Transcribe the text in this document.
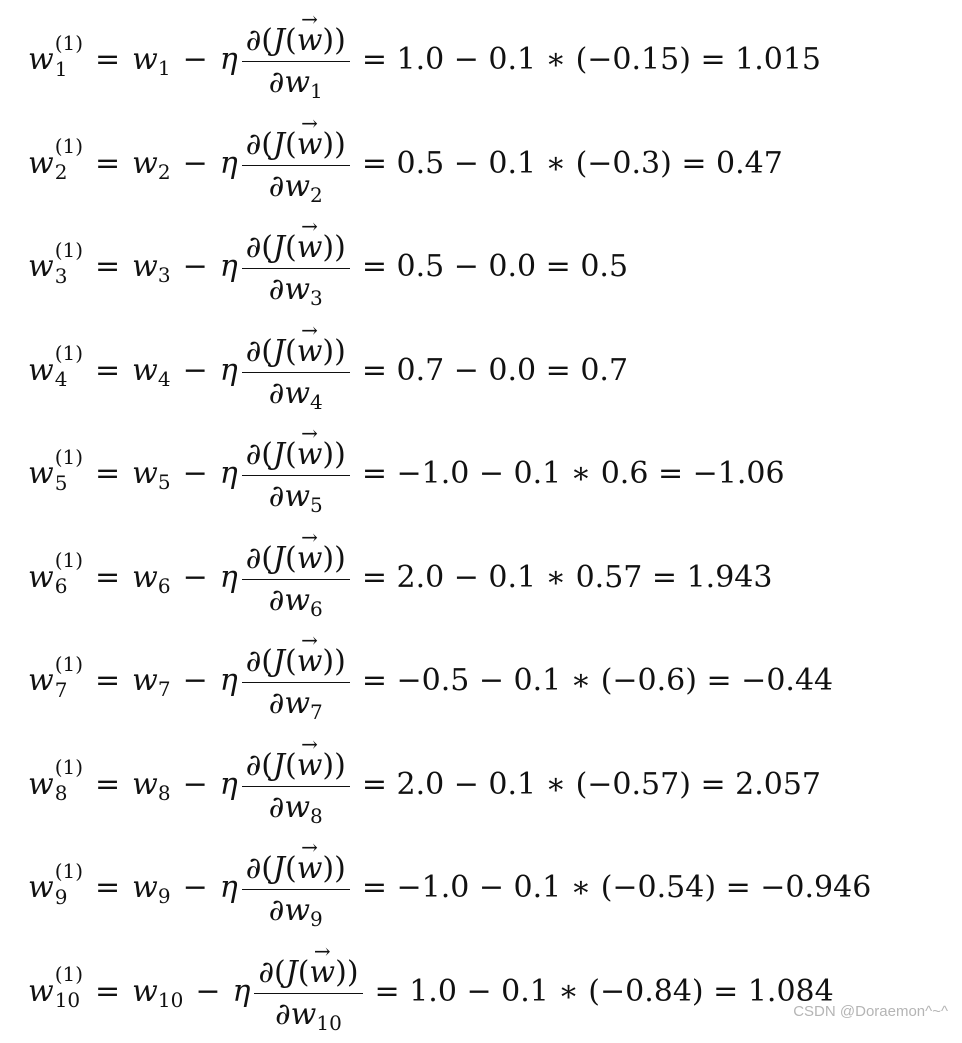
w (1)
1 = w 1 − η $\frac{\partial(J(\to w))}{\partial w 1} = 1.0 - 0.1$ ∗ (−0.15) = 1.015
w (1)
2 = w 2 − η $\frac{\partial(J(\to w))}{\partial w 2} = 0.5 - 0.1$ ∗ (−0.3) = 0.47
w (1)
3 = w 3 − η $\frac{\partial(J(\to w))}{\partial w 3} = 0.5 - 0.0 = 0.5$
w (1)
4 = w 4 − η $\frac{\partial(J(\to w))}{\partial w 4} = 0.7 - 0.0 = 0.7$
w (1)
5 = w 5 − η $\frac{\partial(J(\to w))}{\partial w 5} = -1.0 - 0.1$ ∗ 0.6 = −1.06
w (1)
6 = w 6 − η $\frac{\partial(J(\to w))}{\partial w 6} = 2.0 - 0.1$ ∗ 0.57 = 1.943
w (1)
7 = w 7 − η $\frac{\partial(J(\to w))}{\partial w 7} = -0.5 - 0.1$ ∗ (−0.6) = −0.44
w (1)
8 = w 8 − η $\frac{\partial(J(\to w))}{\partial w 8} = 2.0 - 0.1$ ∗ (−0.57) = 2.057
w (1)
9 = w 9 − η $\frac{\partial(J(\to w))}{\partial w 9} = -1.0 - 0.1$ ∗ (−0.54) = −0.946
w (1)
10 = w 10 − η $\frac{\partial(J(\to w))}{\partial w 10} = 1.0 - 0.1$ ∗ (−0.84) = 1.084
CSDN @Doraemon^~^
